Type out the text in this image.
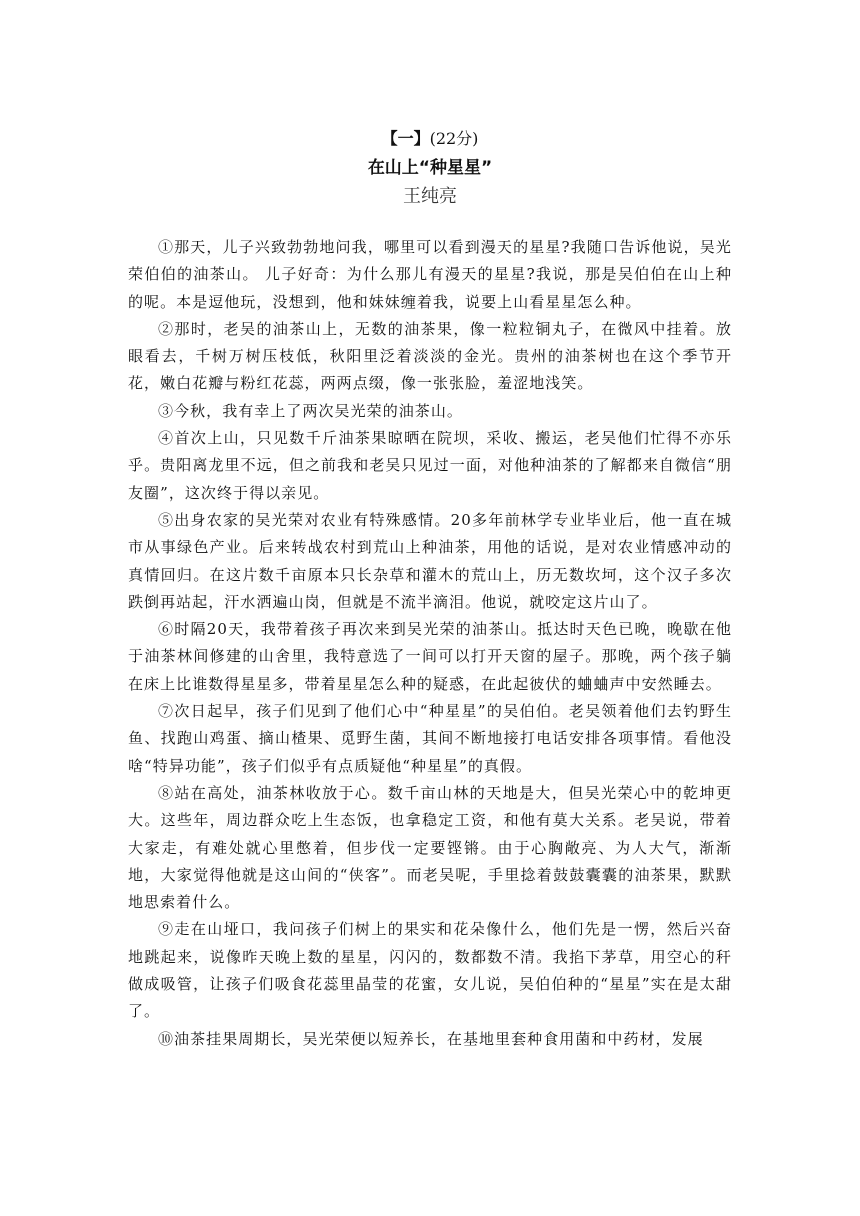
【一】(22分)
在山上“种星星”
王纯亮

①那天，儿子兴致勃勃地问我，哪里可以看到漫天的星星?我随口告诉他说，吴光荣伯伯的油茶山。 儿子好奇：为什么那儿有漫天的星星?我说，那是吴伯伯在山上种的呢。本是逗他玩，没想到，他和妹妹缠着我，说要上山看星星怎么种。

②那时，老吴的油茶山上，无数的油茶果，像一粒粒铜丸子，在微风中挂着。放眼看去，千树万树压枝低，秋阳里泛着淡淡的金光。贵州的油茶树也在这个季节开花，嫩白花瓣与粉红花蕊，两两点缀，像一张张脸，羞涩地浅笑。

③今秋，我有幸上了两次吴光荣的油茶山。

④首次上山，只见数千斤油茶果晾晒在院坝，采收、搬运，老吴他们忙得不亦乐乎。贵阳离龙里不远，但之前我和老吴只见过一面，对他种油茶的了解都来自微信“朋友圈”，这次终于得以亲见。

⑤出身农家的吴光荣对农业有特殊感情。20多年前林学专业毕业后，他一直在城市从事绿色产业。后来转战农村到荒山上种油茶，用他的话说，是对农业情感冲动的真情回归。在这片数千亩原本只长杂草和灌木的荒山上，历无数坎坷，这个汉子多次跌倒再站起，汗水洒遍山岗，但就是不流半滴泪。他说，就咬定这片山了。

⑥时隔20天，我带着孩子再次来到吴光荣的油茶山。抵达时天色已晚，晚歇在他于油茶林间修建的山舍里，我特意选了一间可以打开天窗的屋子。那晚，两个孩子躺在床上比谁数得星星多，带着星星怎么种的疑惑，在此起彼伏的蛐蛐声中安然睡去。

⑦次日起早，孩子们见到了他们心中“种星星”的吴伯伯。老吴领着他们去钓野生鱼、找跑山鸡蛋、摘山楂果、觅野生菌，其间不断地接打电话安排各项事情。看他没啥“特异功能”，孩子们似乎有点质疑他“种星星”的真假。

⑧站在高处，油茶林收放于心。数千亩山林的天地是大，但吴光荣心中的乾坤更大。这些年，周边群众吃上生态饭，也拿稳定工资，和他有莫大关系。老吴说，带着大家走，有难处就心里憋着，但步伐一定要铿锵。由于心胸敞亮、为人大气，渐渐地，大家觉得他就是这山间的“侠客”。而老吴呢，手里捻着鼓鼓囊囊的油茶果，默默地思索着什么。

⑨走在山垭口，我问孩子们树上的果实和花朵像什么，他们先是一愣，然后兴奋地跳起来，说像昨天晚上数的星星，闪闪的，数都数不清。我掐下茅草，用空心的秆做成吸管，让孩子们吸食花蕊里晶莹的花蜜，女儿说，吴伯伯种的“星星”实在是太甜了。

⑩油茶挂果周期长，吴光荣便以短养长，在基地里套种食用菌和中药材，发展
